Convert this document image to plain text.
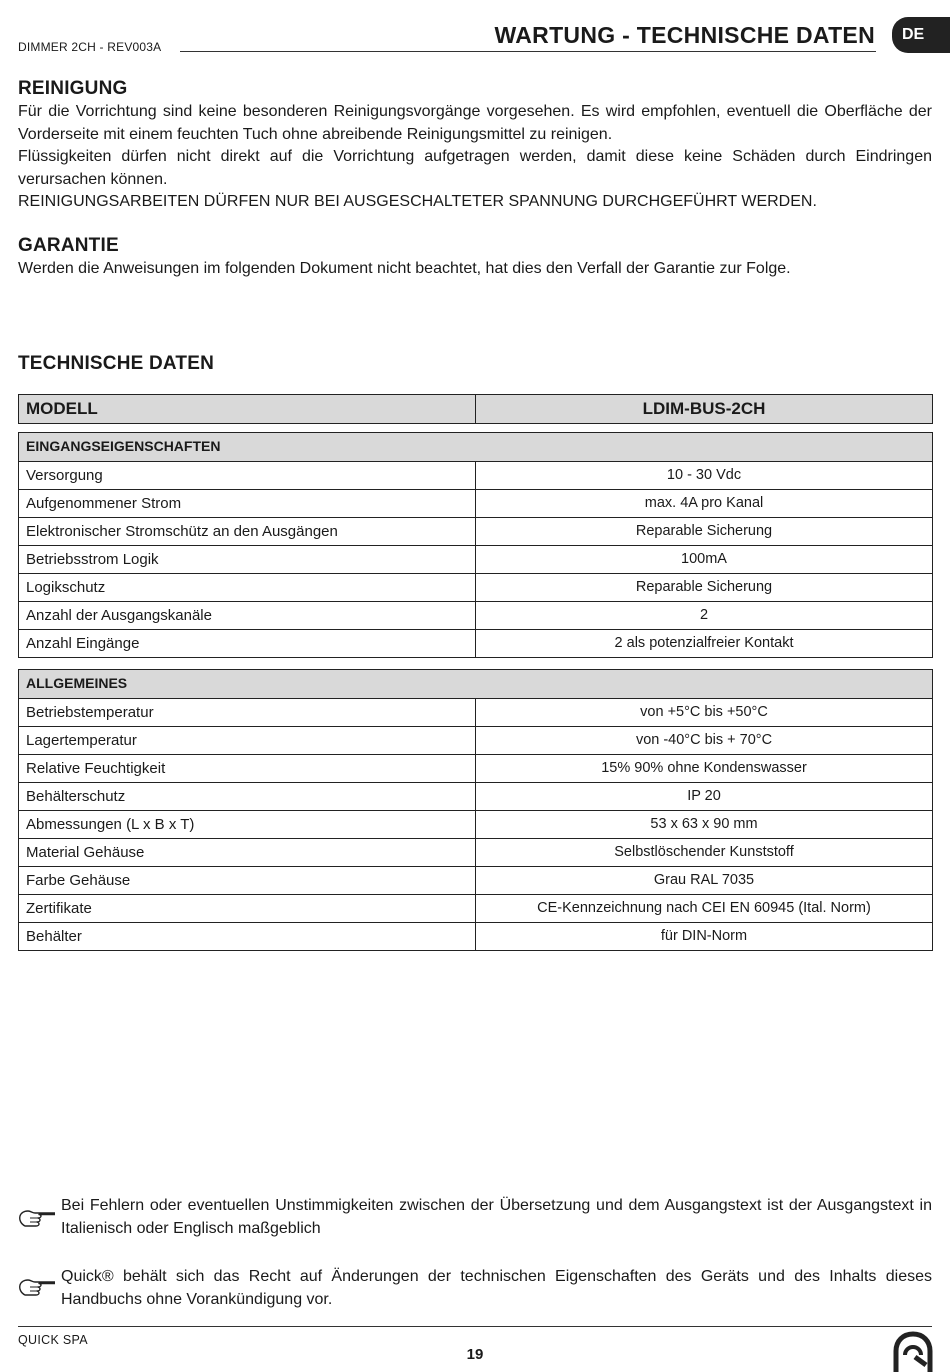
DIMMER 2CH - REV003A	WARTUNG - TECHNISCHE DATEN	DE
REINIGUNG
Für die Vorrichtung sind keine besonderen Reinigungsvorgänge vorgesehen. Es wird empfohlen, eventuell die Oberfläche der Vorderseite mit einem feuchten Tuch ohne abreibende Reinigungsmittel zu reinigen.
Flüssigkeiten dürfen nicht direkt auf die Vorrichtung aufgetragen werden, damit diese keine Schäden durch Eindringen verursachen können.
REINIGUNGSARBEITEN DÜRFEN NUR BEI AUSGESCHALTETER SPANNUNG DURCHGEFÜHRT WERDEN.
GARANTIE
Werden die Anweisungen im folgenden Dokument nicht beachtet, hat dies den Verfall der Garantie zur Folge.
TECHNISCHE DATEN
MODELL	LDIM-BUS-2CH
EINGANGSEIGENSCHAFTEN
Versorgung	10 - 30 Vdc
Aufgenommener Strom	max. 4A pro Kanal
Elektronischer Stromschütz an den Ausgängen	Reparable Sicherung
Betriebsstrom Logik	100mA
Logikschutz	Reparable Sicherung
Anzahl der Ausgangskanäle	2
Anzahl Eingänge	2 als potenzialfreier Kontakt
ALLGEMEINES
Betriebstemperatur	von +5°C bis +50°C
Lagertemperatur	von -40°C bis + 70°C
Relative Feuchtigkeit	15% 90% ohne Kondenswasser
Behälterschutz	IP 20
Abmessungen (L x B x T)	53 x 63 x 90 mm
Material Gehäuse	Selbstlöschender Kunststoff
Farbe Gehäuse	Grau RAL 7035
Zertifikate	CE-Kennzeichnung nach CEI EN 60945 (Ital. Norm)
Behälter	für DIN-Norm
Bei Fehlern oder eventuellen Unstimmigkeiten zwischen der Übersetzung und dem Ausgangstext ist der Ausgangstext in Italienisch oder Englisch maßgeblich
Quick® behält sich das Recht auf Änderungen der technischen Eigenschaften des Geräts und des Inhalts dieses Handbuchs ohne Vorankündigung vor.
QUICK SPA
19
